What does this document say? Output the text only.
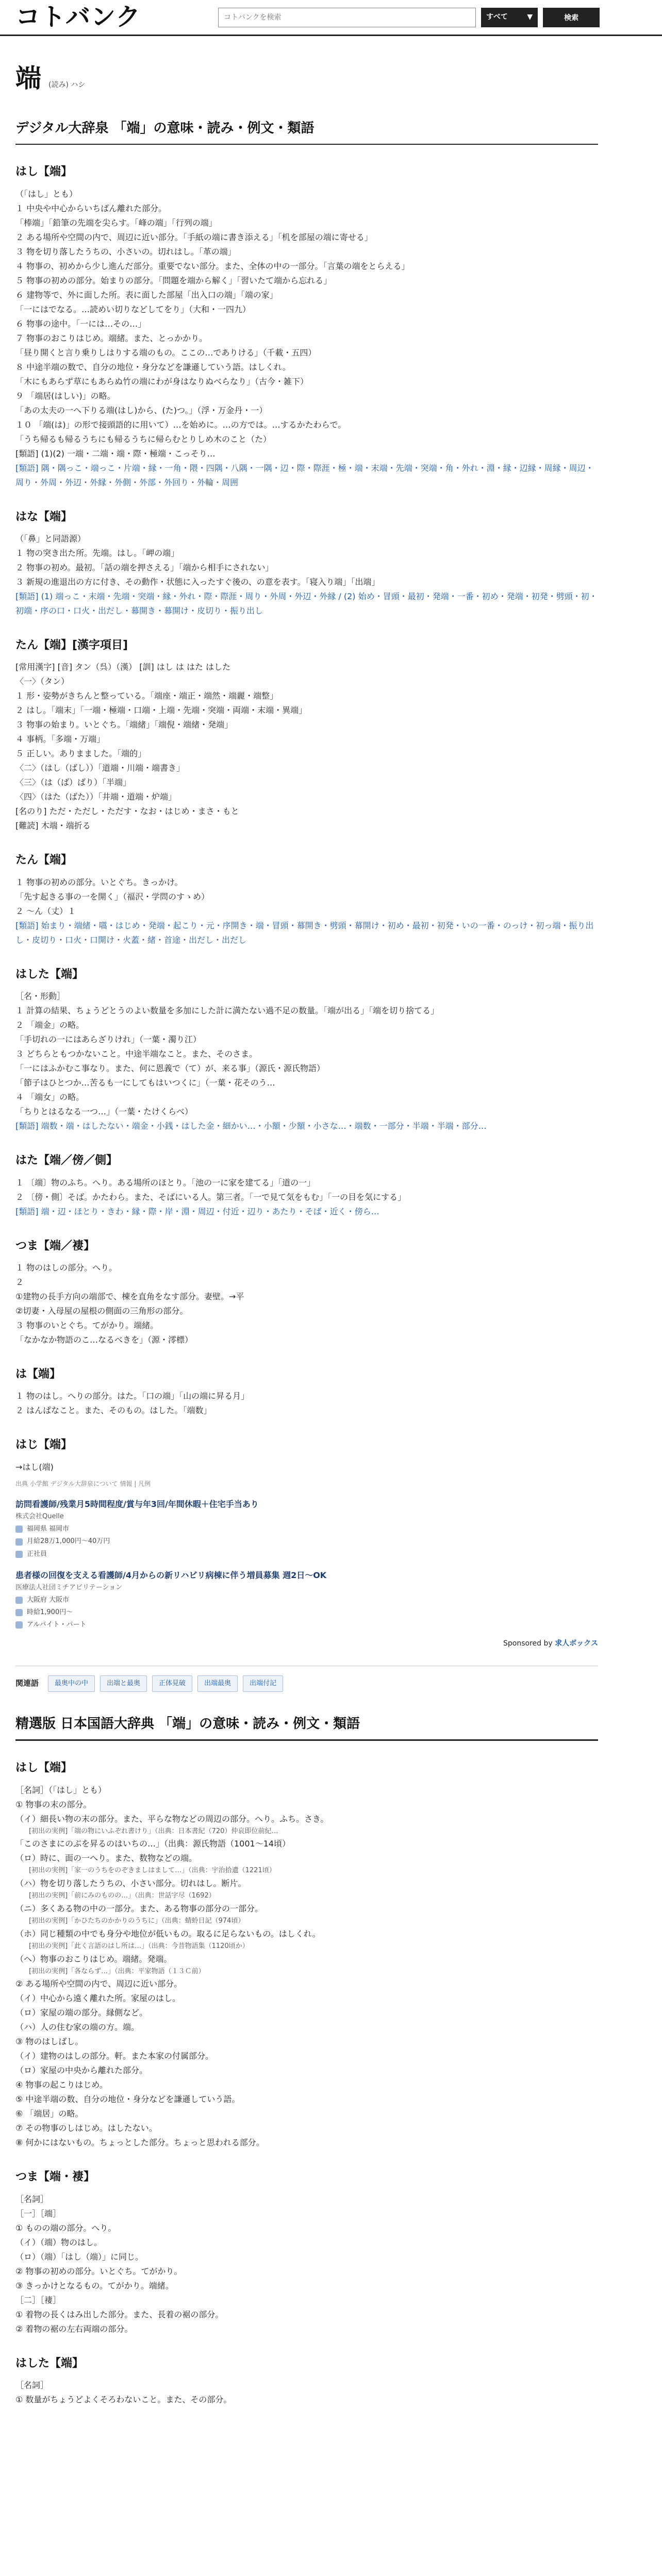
コトバンク
コトバンクを検索	すべて	▼	検索
端 (読み) ハシ
デジタル大辞泉 「端」の意味・読み・例文・類語
はし【端】

（「はし」とも）

１ 中央や中心からいちばん離れた部分。

「棒端」「鉛筆の先端を尖らす。「峰の端」「行列の端」

２ ある場所や空間の内で、周辺に近い部分。「手紙の端に書き添える」「机を部屋の端に寄せる」

３ 物を切り落したうちの、小さいの。切れはし。「革の端」

４ 物事の、初めから少し進んだ部分。重要でない部分。また、全体の中の一部分。「言葉の端をとらえる」

５ 物事の初めの部分。始まりの部分。「問題を端から解く」「習いたて端から忘れる」

６ 建物等で、外に面した所。表に面した部屋「出入口の端」「端の家」

「一にはでなる。…読めい切りなどしてをり」（大和・一四九）

６ 物事の途中。「一には…その…」

７ 物事のおこりはじめ。端緒。また、とっかかり。

「昼り開くと言り乗りしはりする端のもの。ここの…でありける」（千載・五四）

８ 中途半端の数で、自分の地位・身分などを謙遜していう語。はしくれ。

「木にもあらず草にもあらぬ竹の端にわが身はなりぬべらなり」（古今・雑下）

９ 「端居(はしい)」の略。

「あの太夫の一へ下りる端(はし)から、(た)つ。」（浮・万金丹・一）

１０ 「端(は)」の形で接頭語的に用いて）…を始めに。…の方では。…するかたわらで。

「うち帰るも帰るうちにも帰るうちに帰らむとりしめ木のこと（た）

[類語] (1)(2) 一端・二端・端・際・極端・こっそり…

[類語] 隅・隅っこ・端っこ・片端・縁・一角・隈・四隅・八隅・一隅・辺・際・際涯・極・端・末端・先端・突端・角・外れ・淵・縁・辺縁・周縁・周辺・周り・外周・外辺・外縁・外側・外部・外回り・外輪・周囲

はな【端】

（「鼻」と同語源）

１ 物の突き出た所。先端。はし。「岬の端」

２ 物事の初め。最初。「話の端を押さえる」「端から相手にされない」

３ 新規の進退出の方に付き、その動作・状態に入ったすぐ後の、の意を表す。「寝入り端」「出端」

[類語] (1) 端っこ・末端・先端・突端・縁・外れ・際・際涯・周り・外周・外辺・外縁 / (2) 始め・冒頭・最初・発端・一番・初め・発端・初発・劈頭・初・初端・序の口・口火・出だし・幕開き・幕開け・皮切り・振り出し

たん【端】[漢字項目]

[常用漢字] [音] タン（呉）（漢） [訓] はし は はた はした

〈一〉（タン）

１ 形・姿勢がきちんと整っている。「端座・端正・端然・端麗・端整」

２ はし。「端末」「一端・極端・口端・上端・先端・突端・両端・末端・異端」

３ 物事の始まり。いとぐち。「端緒」「端倪・端緒・発端」

４ 事柄。「多端・万端」

５ 正しい。ありまました。「端的」

〈二〉（はし（ばし））「道端・川端・端書き」

〈三〉（は（ば）ばり）「半端」

〈四〉（はた（ばた））「井端・道端・炉端」

[名のり] ただ・ただし・ただす・なお・はじめ・まさ・もと

[難読] 木端・端折る

たん【端】

１ 物事の初めの部分。いとぐち。きっかけ。

「先す起きる事の一を開く」（福沢・学問のすゝめ）

２ 〜ん（丈）１

[類語] 始まり・端緒・嚆・はじめ・発端・起こり・元・序開き・端・冒頭・幕開き・劈頭・幕開け・初め・最初・初発・いの一番・のっけ・初っ端・振り出し・皮切り・口火・口開け・火蓋・緒・首途・出だし・出だし

はした【端】

［名・形動］

１ 計算の結果、ちょうどとうのよい数量を多加にした計に満たない過不足の数量。「端が出る」「端を切り捨てる」

２ 「端金」の略。

「手切れの一にはあらざりけれ」（一葉・濁り江）

３ どちらともつかないこと。中途半端なこと。また、そのさま。

「一にはふかむこ事なり。また、何に恩義で（て）が、来る事」（源氏・源氏物語）

「節子はひとつか…苦るも一にしてもはいつくに」（一葉・花そのう…

４ 「端女」の略。

「ちりとはるなる一つ…」（一葉・たけくらべ）

[類語] 端数・端・はしたない・端金・小銭・はした金・細かい…・小額・少額・小さな…・端数・一部分・半端・半端・部分…

はた【端／傍／側】

１ 〔端〕物のふち。へり。ある場所のほとり。「池の一に家を建てる」「道の一」

２ 〔傍・側〕そば。かたわら。また、そばにいる人。第三者。「一で見て気をもむ」「一の目を気にする」

[類語] 端・辺・ほとり・きわ・縁・際・岸・淵・周辺・付近・辺り・あたり・そば・近く・傍ら…

つま【端／褄】

１ 物のはしの部分。へり。

２

①建物の長手方向の端部で、棟を直角をなす部分。妻壁。→平

②切妻・入母屋の屋根の側面の三角形の部分。

３ 物事のいとぐち。てがかり。端緒。

「なかなか物語のこ…なるべきを」（源・澪標）

は【端】

１ 物のはし。へりの部分。はた。「口の端」「山の端に昇る月」

２ はんぱなこと。また、そのもの。はした。「端数」

はじ【端】

→はし(端)

出典 小学館 デジタル大辞泉について 情報 | 凡例
訪問看護師/残業月5時間程度/賞与年3回/年間休暇＋住宅手当あり
株式会社Quelle
福岡県 福岡市
月給28万1,000円〜40万円
正社員
患者様の回復を支える看護師/4月からの新リハビリ病棟に伴う増員募集 週2日〜OK
医療法人社団ミチアビリテーション
大阪府 大阪市
時給1,900円〜
アルバイト・パート
Sponsored by 求人ボックス
関連語	最奥中の中	出端と最奥	正体見破	出端最奥	出端付記
精選版 日本国語大辞典 「端」の意味・読み・例文・類語
はし【端】

［名詞］（「はし」とも）

① 物事の末の部分。

（イ）細長い物の末の部分。また、平らな物などの周辺の部分。へり。ふち。さき。

[初出の実例]「端の物にいふぞれ書けり」（出典：日本書紀（720）仲哀即位前紀…

「このさまにのぶを昇るのはいちの…」（出典：源氏物語（1001〜14頃）

（ロ）時に、面の一へり。また、数物などの端。

[初出の実例]「家一のうちをのぞきましはまして…」（出典：宇治拾遺（1221頃）

（ハ）物を切り落したうちの、小さい部分。切れはし。断片。

[初出の実例]「前にみのものの…」（出典：世話字尽（1692）

（ニ）多くある物の中の一部分。また、ある物事の部分の一部分。

[初出の実例]「かひたちのかかりのうちに」（出典：蜻蛉日記（974頃）

（ホ）同じ種類の中でも身分や地位が低いもの。取るに足らないもの。はしくれ。

[初出の実例]「此く言語のはし所は…」（出典：今昔物語集（1120頃か）

（ヘ）物事のおこりはじめ。端緒。発端。

[初出の実例]「各ならず…」（出典：平家物語（１３Ｃ前）

② ある場所や空間の内で、周辺に近い部分。

（イ）中心から遠く離れた所。家屋のはし。

（ロ）家屋の端の部分。縁側など。

（ハ）人の住む家の端の方。端。

③ 物のはしばし。

（イ）建物のはしの部分。軒。また本家の付属部分。

（ロ）家屋の中央から離れた部分。

④ 物事の起こりはじめ。

⑤ 中途半端の数、自分の地位・身分などを謙遜していう語。

⑥ 「端居」の略。

⑦ その物事のしはじめ。はしたない。

⑧ 何かにはないもの。ちょっとした部分。ちょっと思われる部分。

つま【端・褄】

［名詞］

［一］［端］

① ものの端の部分。へり。

（イ）（端）物のはし。

（ロ）（端）「はし（端）」に同じ。

② 物事の初めの部分。いとぐち。てがかり。

③ きっかけとなるもの。てがかり。端緒。

［二］［褄］

① 着物の長くはみ出した部分。また、長着の裾の部分。

② 着物の裾の左右両端の部分。

はした【端】

［名詞］

① 数量がちょうどよくそろわないこと。また、その部分。
